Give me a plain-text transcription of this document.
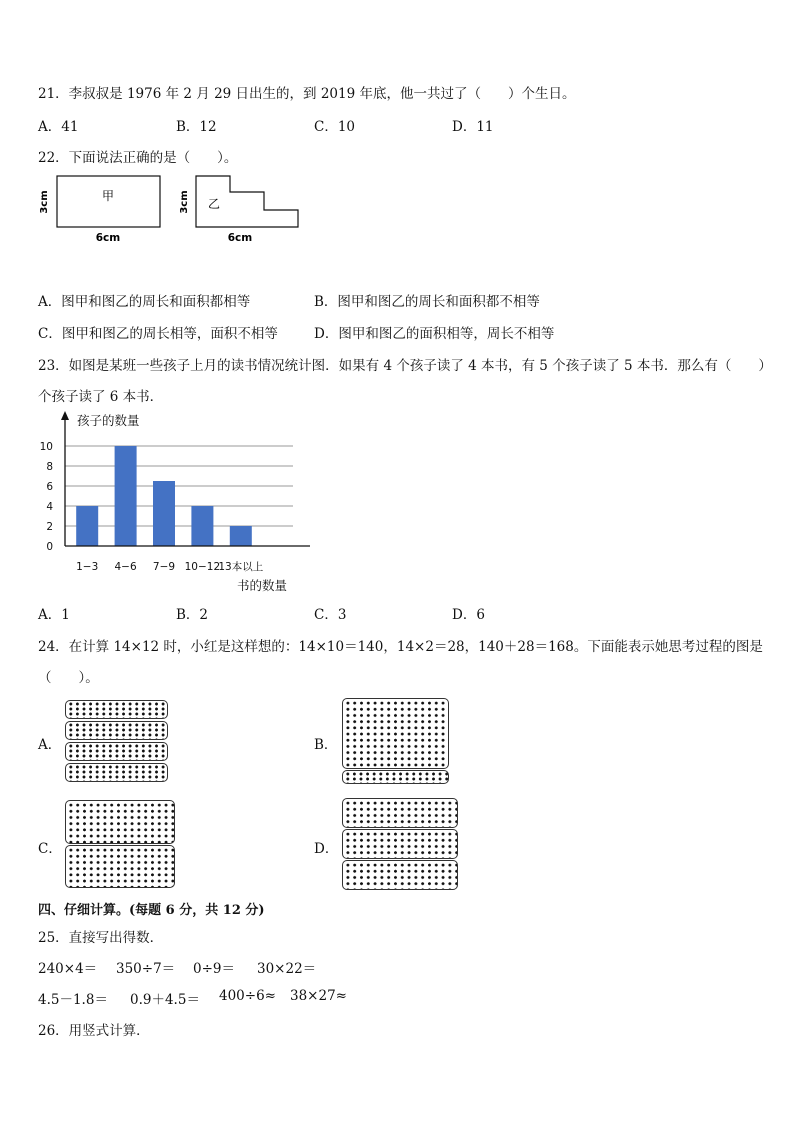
21．李叔叔是 1976 年 2 月 29 日出生的，到 2019 年底，他一共过了（　　）个生日。
A．41	B．12	C．10	D．11
22．下面说法正确的是（　　）。
甲
3cm
6cm
乙
3cm
6cm
A．图甲和图乙的周长和面积都相等	B．图甲和图乙的周长和面积都不相等
C．图甲和图乙的周长相等，面积不相等	D．图甲和图乙的面积相等，周长不相等
23．如图是某班一些孩子上月的读书情况统计图．如果有 4 个孩子读了 4 本书，有 5 个孩子读了 5 本书．那么有（　　）
个孩子读了 6 本书．
0
2
4
6
8
10
1−3 4−6 7−9 10−12
13本以上
孩子的数量
书的数量
A．1	B．2	C．3	D．6
24．在计算 14×12 时，小红是这样想的：14×10＝140，14×2＝28，140＋28＝168。下面能表示她思考过程的图是
（　　）。
A．	B．
C．	D．
四、仔细计算。(每题 6 分，共 12 分)
25．直接写出得数．
240×4＝ 350÷7＝ 0÷9＝ 30×22＝
4.5－1.8＝ 0.9＋4.5＝ 400÷6≈ 38×27≈
26．用竖式计算．
